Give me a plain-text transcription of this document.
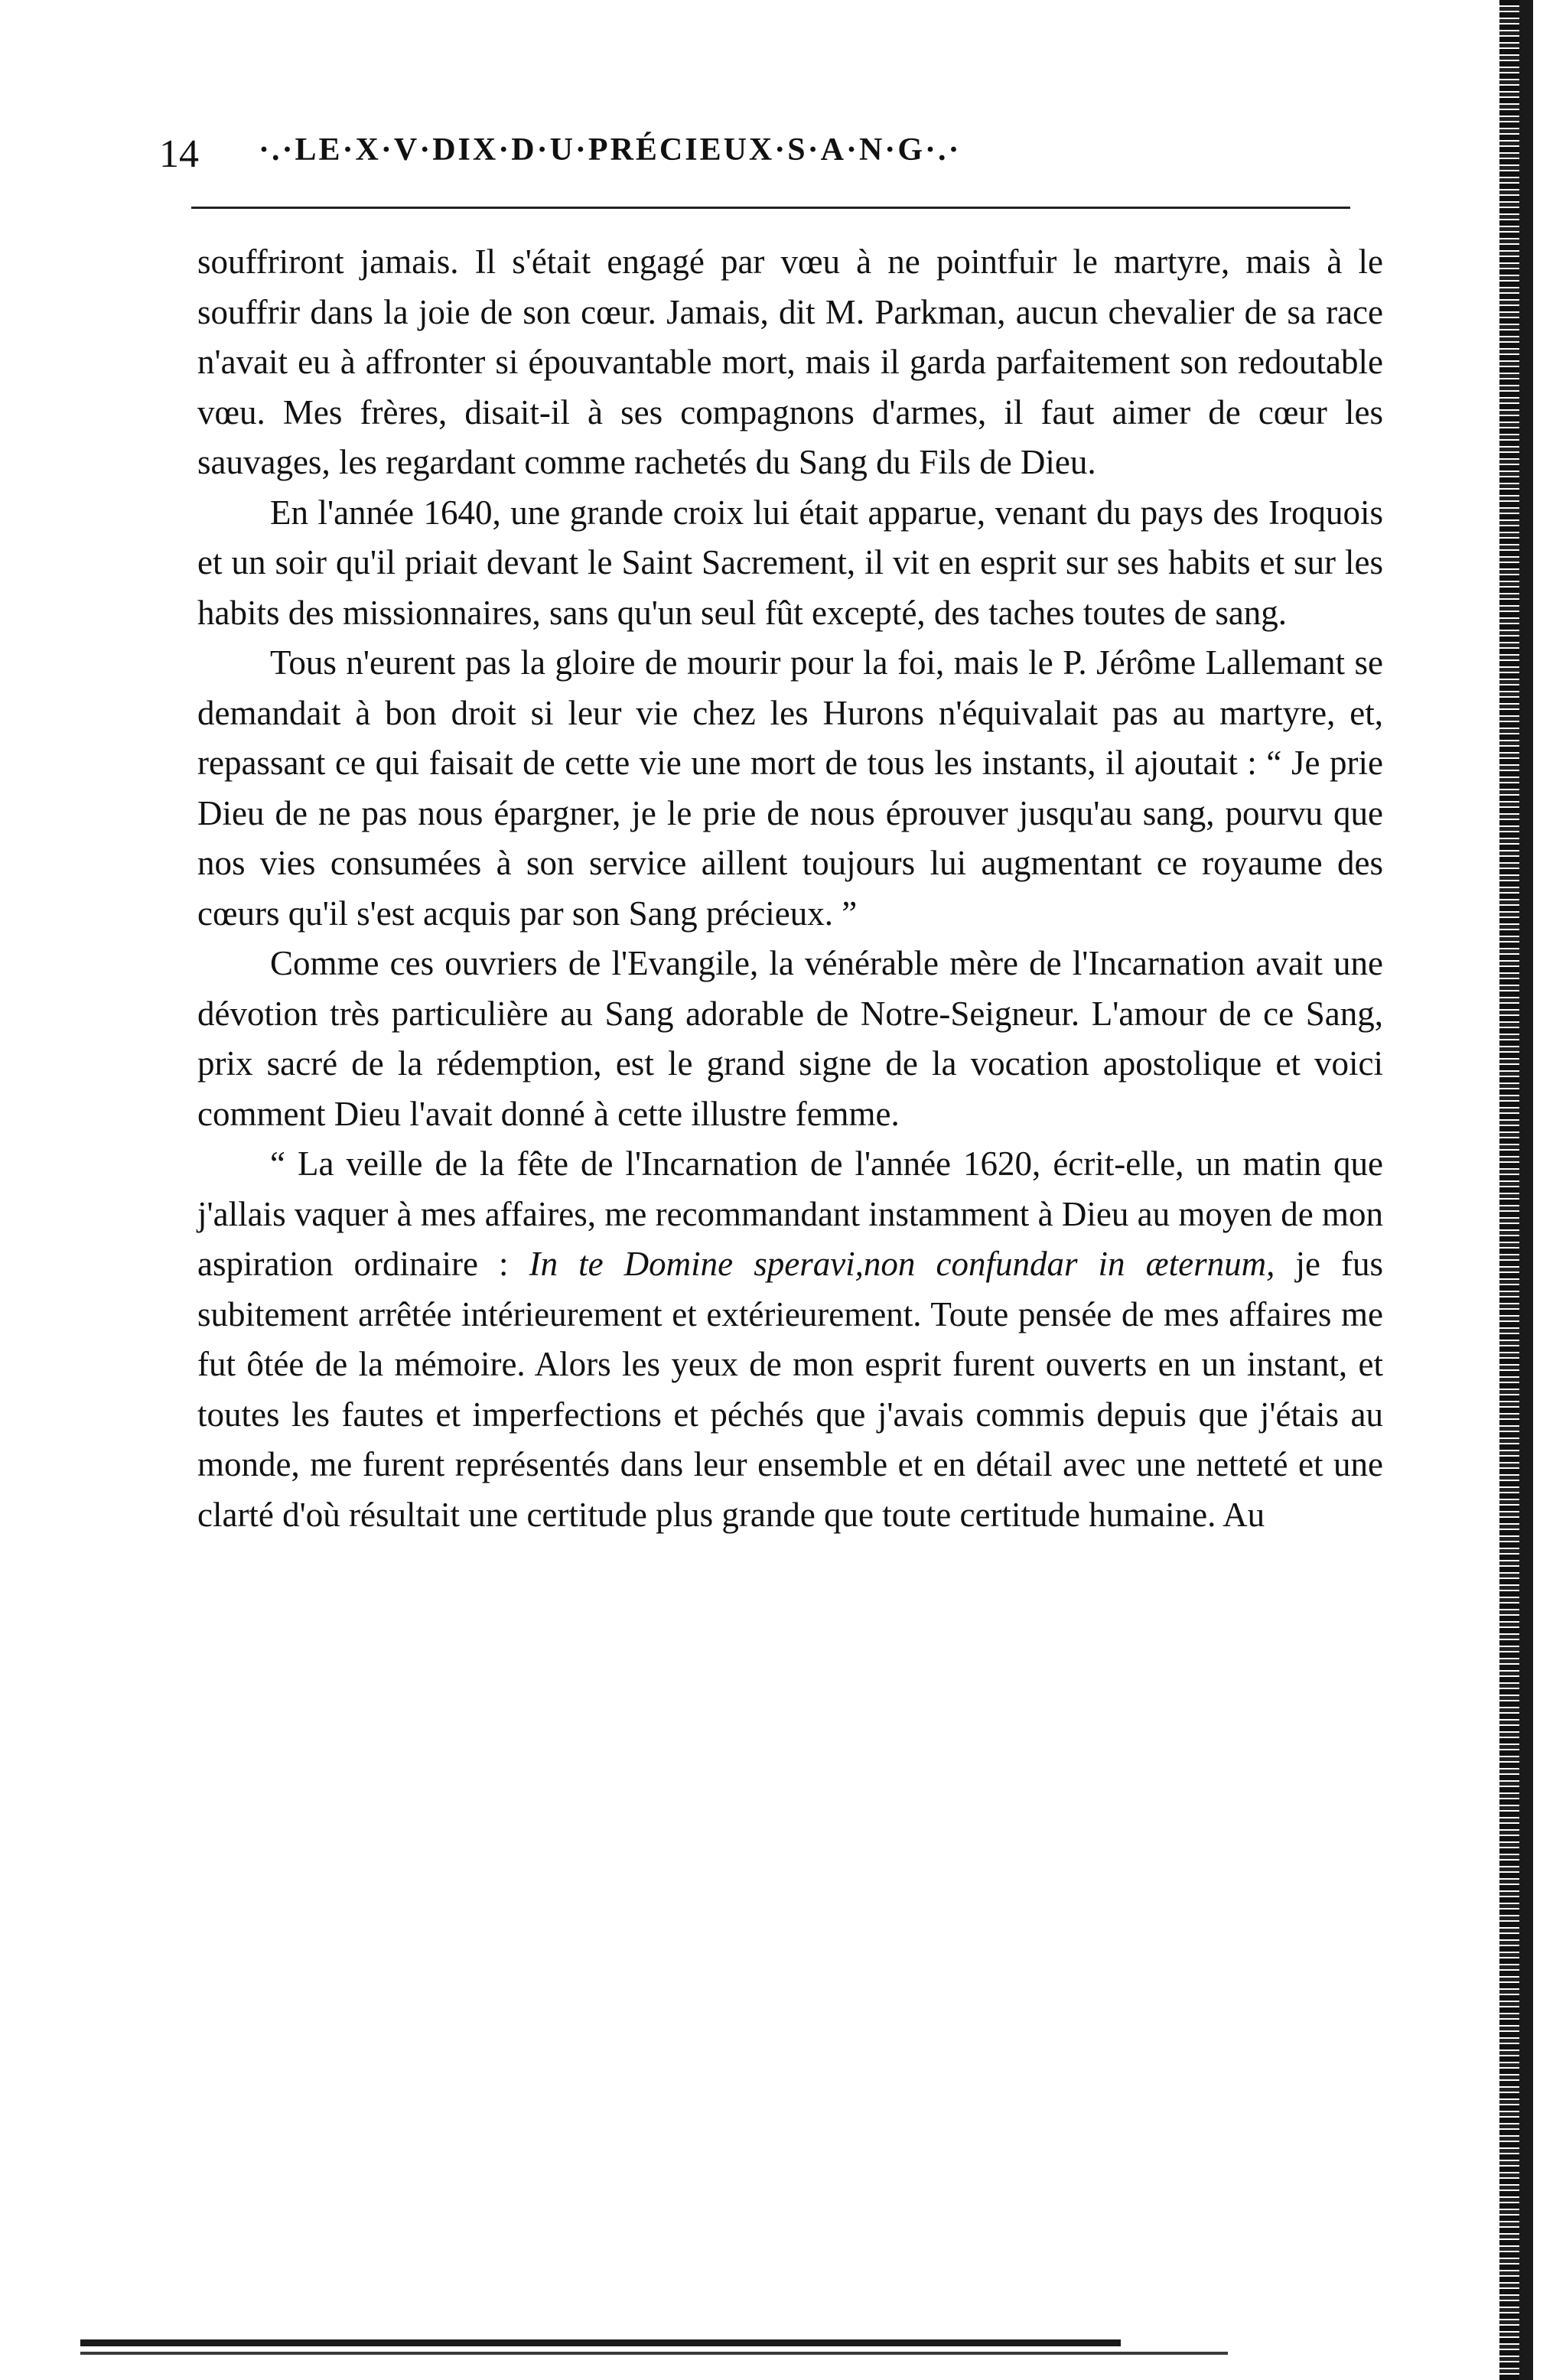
14 ·.·LE·X·V·DIX·D·U·PRÉCIEUX·S·A·N·G·.·

souffriront jamais. Il s'était engagé par vœu à ne pointfuir le martyre, mais à le souffrir dans la joie de son cœur. Jamais, dit M. Parkman, aucun chevalier de sa race n'avait eu à affronter si épouvantable mort, mais il garda parfaitement son redoutable vœu. Mes frères, disait-il à ses compagnons d'armes, il faut aimer de cœur les sauvages, les regardant comme rachetés du Sang du Fils de Dieu.

En l'année 1640, une grande croix lui était apparue, venant du pays des Iroquois et un soir qu'il priait devant le Saint Sacrement, il vit en esprit sur ses habits et sur les habits des missionnaires, sans qu'un seul fût excepté, des taches toutes de sang.

Tous n'eurent pas la gloire de mourir pour la foi, mais le P. Jérôme Lallemant se demandait à bon droit si leur vie chez les Hurons n'équivalait pas au martyre, et, repassant ce qui faisait de cette vie une mort de tous les instants, il ajoutait : “ Je prie Dieu de ne pas nous épargner, je le prie de nous éprouver jusqu'au sang, pourvu que nos vies consumées à son service aillent toujours lui augmentant ce royaume des cœurs qu'il s'est acquis par son Sang précieux. ”

Comme ces ouvriers de l'Evangile, la vénérable mère de l'Incarnation avait une dévotion très particulière au Sang adorable de Notre-Seigneur. L'amour de ce Sang, prix sacré de la rédemption, est le grand signe de la vocation apostolique et voici comment Dieu l'avait donné à cette illustre femme.

“ La veille de la fête de l'Incarnation de l'année 1620, écrit-elle, un matin que j'allais vaquer à mes affaires, me recommandant instamment à Dieu au moyen de mon aspiration ordinaire : In te Domine speravi,non confundar in æternum, je fus subitement arrêtée intérieurement et extérieurement. Toute pensée de mes affaires me fut ôtée de la mémoire. Alors les yeux de mon esprit furent ouverts en un instant, et toutes les fautes et imperfections et péchés que j'avais commis depuis que j'étais au monde, me furent représentés dans leur ensemble et en détail avec une netteté et une clarté d'où résultait une certitude plus grande que toute certitude humaine. Au
